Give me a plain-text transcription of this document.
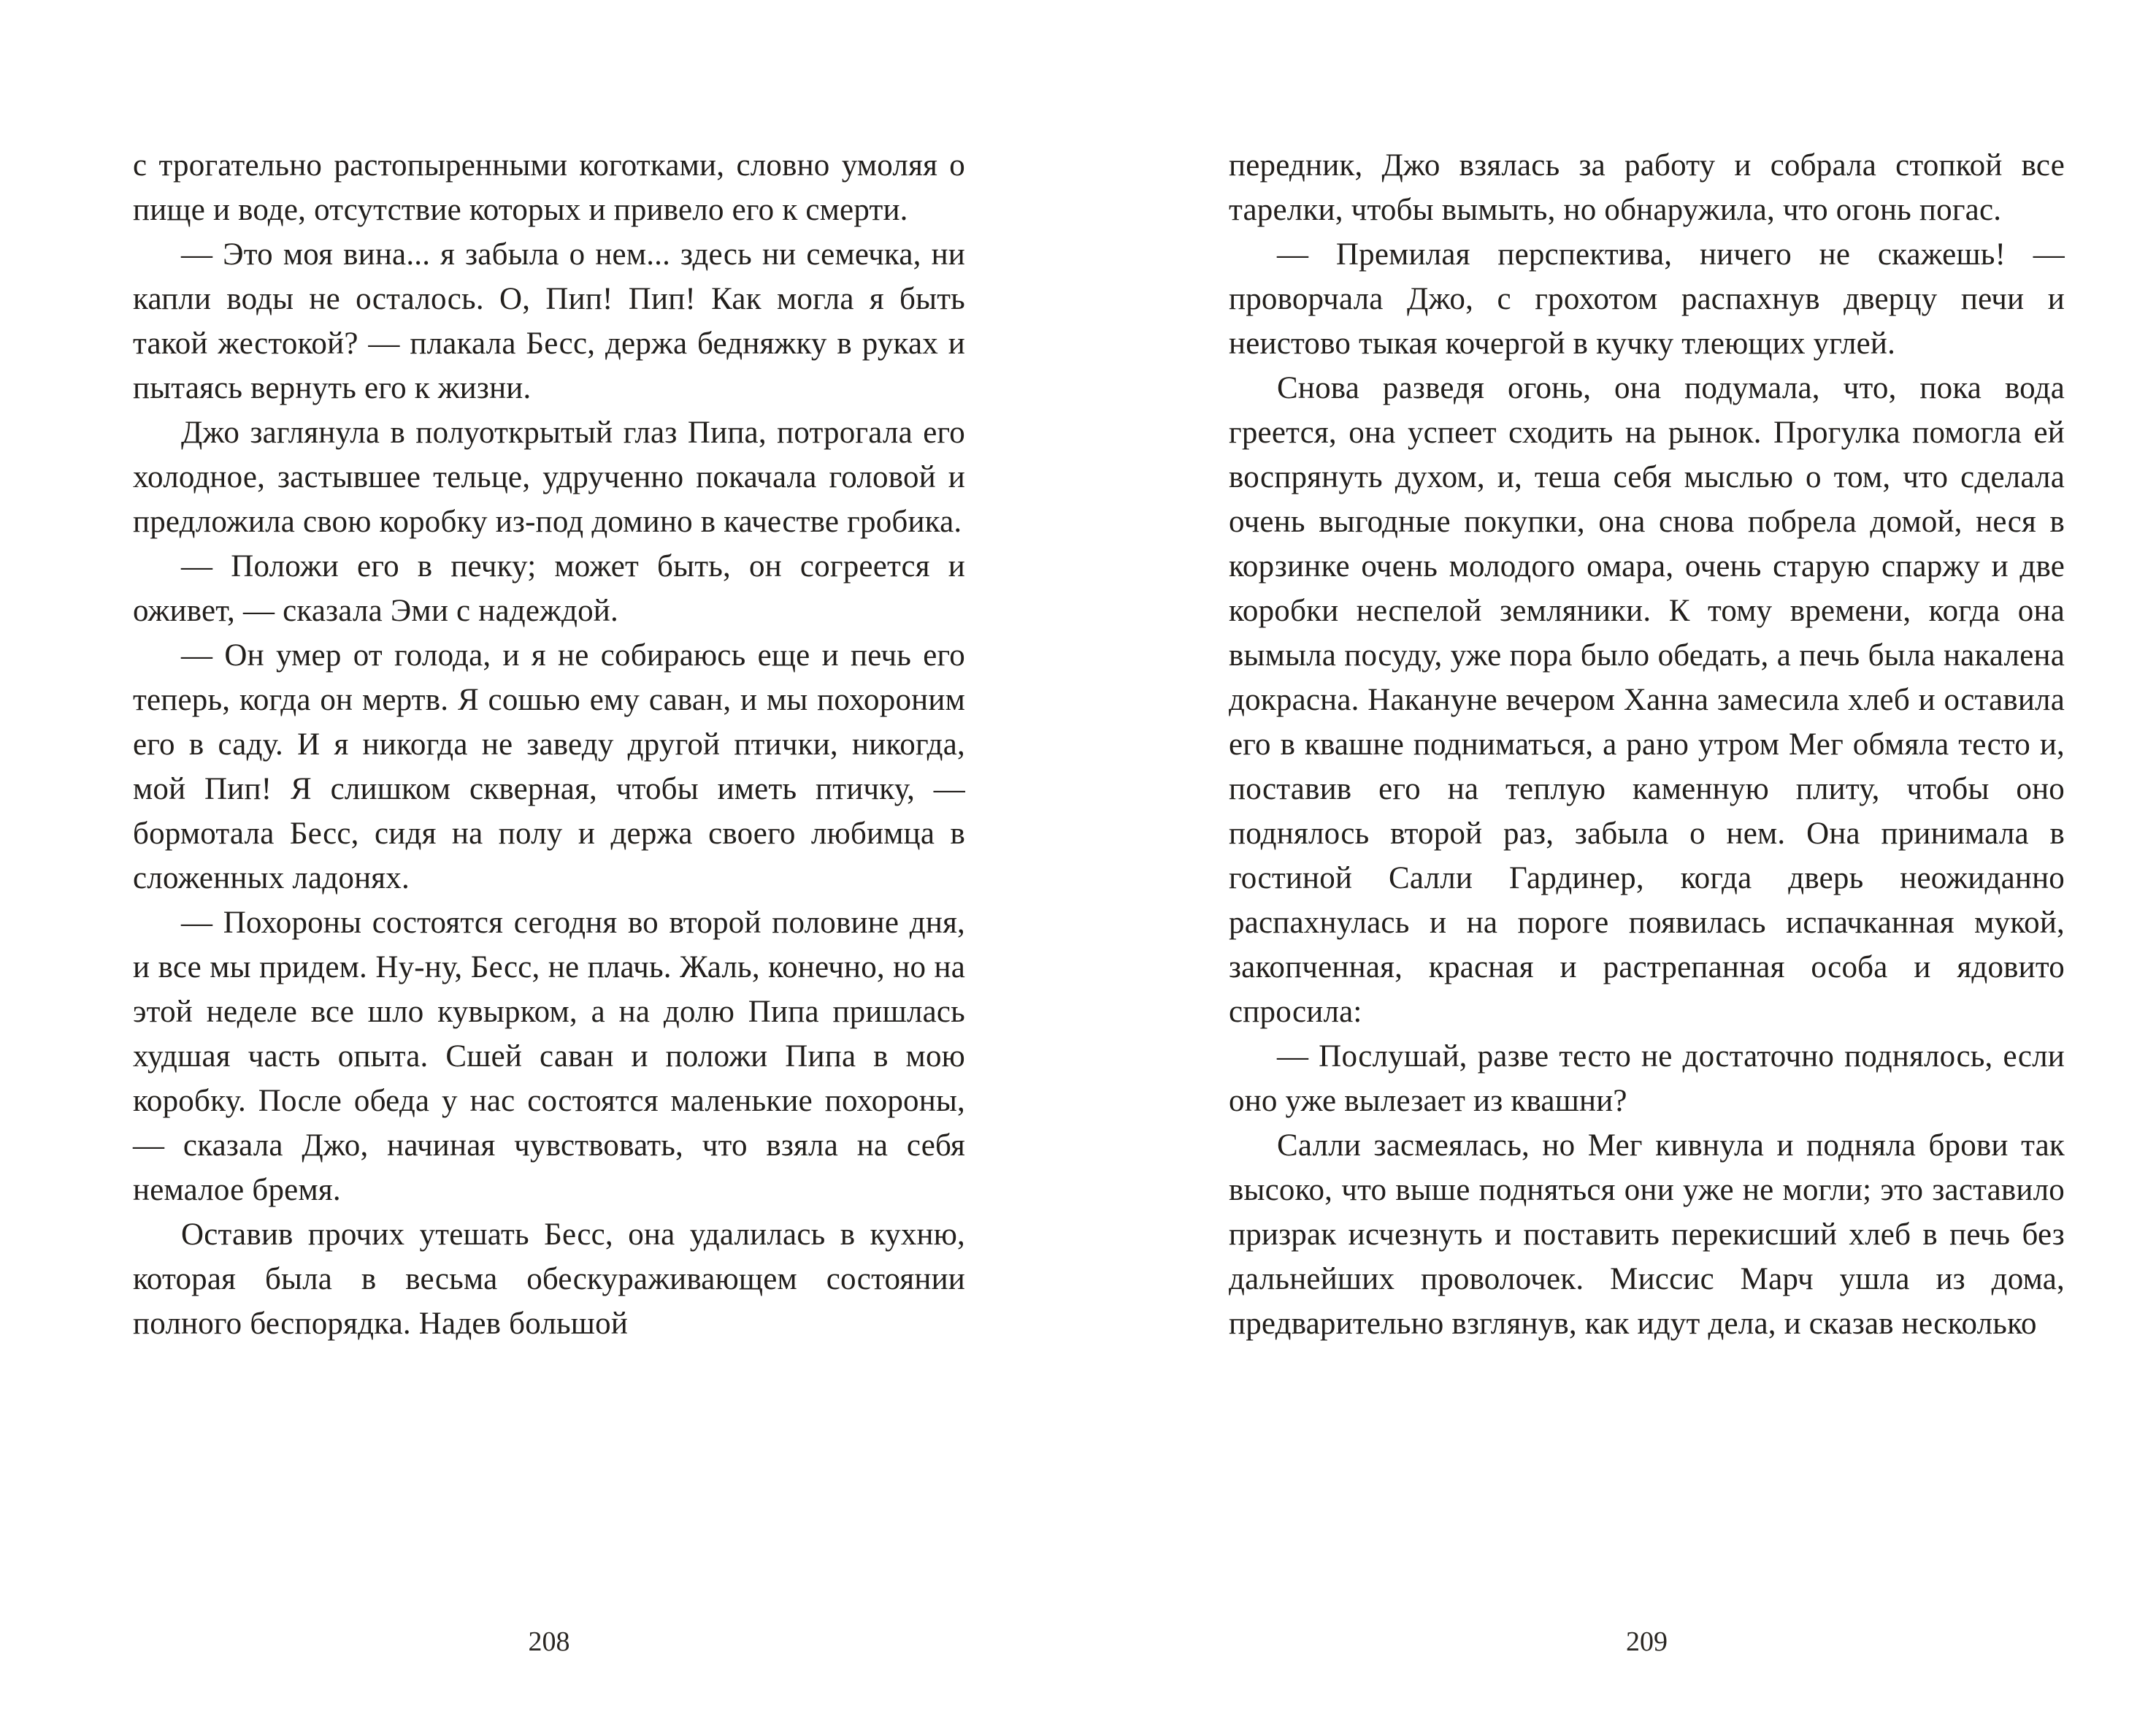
с трогательно растопыренными коготками, словно умоляя о пище и воде, отсутствие которых и привело его к смерти.

— Это моя вина... я забыла о нем... здесь ни семечка, ни капли воды не осталось. О, Пип! Пип! Как могла я быть такой жестокой? — плакала Бесс, держа бедняжку в руках и пытаясь вернуть его к жизни.

Джо заглянула в полуоткрытый глаз Пипа, потрогала его холодное, застывшее тельце, удрученно покачала головой и предложила свою коробку из-под домино в качестве гробика.

— Положи его в печку; может быть, он согреется и оживет, — сказала Эми с надеждой.

— Он умер от голода, и я не собираюсь еще и печь его теперь, когда он мертв. Я сошью ему саван, и мы похороним его в саду. И я никогда не заведу другой птички, никогда, мой Пип! Я слишком скверная, чтобы иметь птичку, — бормотала Бесс, сидя на полу и держа своего любимца в сложенных ладонях.

— Похороны состоятся сегодня во второй половине дня, и все мы придем. Ну-ну, Бесс, не плачь. Жаль, конечно, но на этой неделе все шло кувырком, а на долю Пипа пришлась худшая часть опыта. Сшей саван и положи Пипа в мою коробку. После обеда у нас состоятся маленькие похороны, — сказала Джо, начиная чувствовать, что взяла на себя немалое бремя.

Оставив прочих утешать Бесс, она удалилась в кухню, которая была в весьма обескураживающем состоянии полного беспорядка. Надев большой

208

передник, Джо взялась за работу и собрала стопкой все тарелки, чтобы вымыть, но обнаружила, что огонь погас.

— Премилая перспектива, ничего не скажешь! — проворчала Джо, с грохотом распахнув дверцу печи и неистово тыкая кочергой в кучку тлеющих углей.

Снова разведя огонь, она подумала, что, пока вода греется, она успеет сходить на рынок. Прогулка помогла ей воспрянуть духом, и, теша себя мыслью о том, что сделала очень выгодные покупки, она снова побрела домой, неся в корзинке очень молодого омара, очень старую спаржу и две коробки неспелой земляники. К тому времени, когда она вымыла посуду, уже пора было обедать, а печь была накалена докрасна. Накануне вечером Ханна замесила хлеб и оставила его в квашне подниматься, а рано утром Мег обмяла тесто и, поставив его на теплую каменную плиту, чтобы оно поднялось второй раз, забыла о нем. Она принимала в гостиной Салли Гардинер, когда дверь неожиданно распахнулась и на пороге появилась испачканная мукой, закопченная, красная и растрепанная особа и ядовито спросила:

— Послушай, разве тесто не достаточно поднялось, если оно уже вылезает из квашни?

Салли засмеялась, но Мег кивнула и подняла брови так высоко, что выше подняться они уже не могли; это заставило призрак исчезнуть и поставить перекисший хлеб в печь без дальнейших проволочек. Миссис Марч ушла из дома, предварительно взглянув, как идут дела, и сказав несколько

209
